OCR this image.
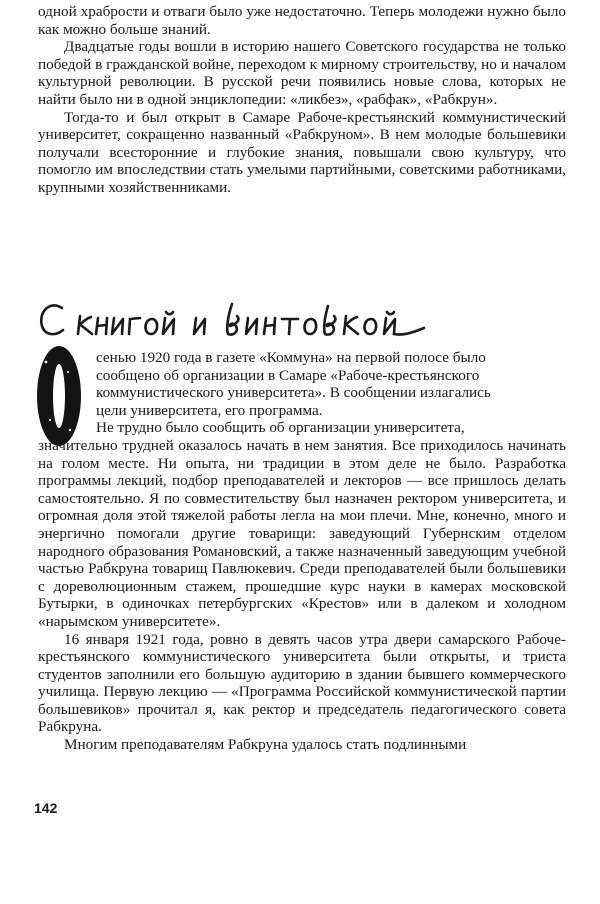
одной храбрости и отваги было уже недостаточно. Теперь молодежи нужно было как можно больше знаний.

Двадцатые годы вошли в историю нашего Советского государства не только победой в гражданской войне, переходом к мирному строительству, но и началом культурной революции. В русской речи появились новые слова, которых не найти было ни в одной энциклопедии: «ликбез», «рабфак», «Рабкрун».

Тогда-то и был открыт в Самаре Рабоче-крестьянский коммунистический университет, сокращенно названный «Рабкруном». В нем молодые большевики получали всесторонние и глубокие знания, повышали свою культуру, что помогло им впоследствии стать умелыми партийными, советскими работниками, крупными хозяйственниками.

сенью 1920 года в газете «Коммуна» на первой полосе было
сообщено об организации в Самаре «Рабоче-крестьянского
коммунистического университета». В сообщении излагались
цели университета, его программа.
Не трудно было сообщить об организации университета,

значительно трудней оказалось начать в нем занятия. Все приходилось начинать на голом месте. Ни опыта, ни традиции в этом деле не было. Разработка программы лекций, подбор преподавателей и лекторов — все пришлось делать самостоятельно. Я по совместительству был назначен ректором университета, и огромная доля этой тяжелой работы легла на мои плечи. Мне, конечно, много и энергично помогали другие товарищи: заведующий Губернским отделом народного образования Романовский, а также назначенный заведующим учебной частью Рабкруна товарищ Павлюкевич. Среди преподавателей были большевики с дореволюционным стажем, прошедшие курс науки в камерах московской Бутырки, в одиночках петербургских «Крестов» или в далеком и холодном «нарымском университете».

16 января 1921 года, ровно в девять часов утра двери самарского Рабоче-крестьянского коммунистического университета были открыты, и триста студентов заполнили его большую аудиторию в здании бывшего коммерческого училища. Первую лекцию — «Программа Российской коммунистической партии большевиков» прочитал я, как ректор и председатель педагогического совета Рабкруна.

Многим преподавателям Рабкруна удалось стать подлинными

142
